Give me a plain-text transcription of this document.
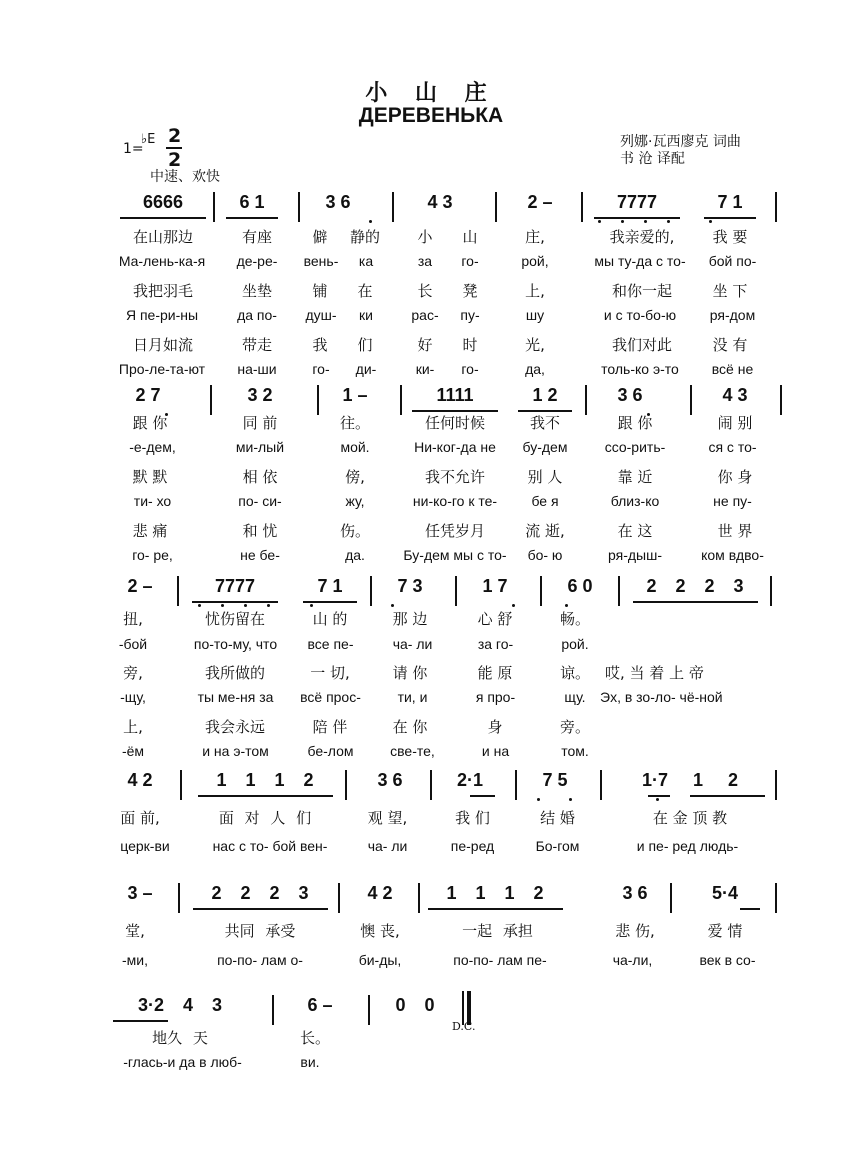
小 山 庄
ДЕРЕВЕНЬКА
1=
♭E 2
2
中速、欢快
列娜·瓦西廖克 词曲
书 沧 译配
6666	6 1	3 6	4 3	2 –	7777	7 1
在山那边	有座	僻	静的	小	山	庄,	我亲爱的,	我 要
Ма-лень-ка-я	де-ре-	вень-	ка	за	го-	рой,	мы ту-да с то-	бой по-
我把羽毛	坐垫	铺	在	长	凳	上,	和你一起	坐 下
Я пе-ри-ны	да по-	душ-	ки	рас-	пу-	шу	и с то-бо-ю	ря-дом
日月如流	带走	我	们	好	时	光,	我们对此	没 有
Про-ле-та-ют	на-ши	го-	ди-	ки-	го-	да,	толь-ко э-то	всё не
2 7	3 2	1 –	1111	1 2	3 6	4 3
跟 你	同 前	往。	任何时候	我不	跟 你	闹 别
-е-дем,	ми-лый	мой.	Ни-ког-да не	бу-дем	ссо-рить-	ся с то-
默 默	相 依	傍,	我不允许	别 人	靠 近	你 身
ти- хо	по- си-	жу,	ни-ко-го к те-	бе я	близ-ко	не пу-
悲 痛	和 忧	伤。	任凭岁月	流 逝,	在 这	世 界
го- ре,	не бе-	да.	Бу-дем мы с то-	бо- ю	ря-дыш-	ком вдво-
2 –	7777	7 1	7 3	1 7	6 0	2 2 2 3
扭,	忧伤留在	山 的	那 边	心 舒	畅。
-бой	по-то-му, что	все пе-	ча- ли	за го-	рой.
旁,	我所做的	一 切,	请 你	能 原	谅。	哎, 当 着 上 帝
-щу,	ты ме-ня за	всё прос-	ти, и	я про-	щу.	Эх, в зо-ло- чё-ной
上,	我会永远	陪 伴	在 你	身	旁。
-ём	и на э-том	бе-лом	све-те,	и на	том.
4 2	1 1 1 2	3 6	2·1	7 5	1·7 1 2
面 前,	面 对 人 们	观 望,	我 们	结 婚	在 金 顶 教
церк-ви	нас с то- бой вен-	ча- ли	пе-ред	Бо-гом	и пе- ред людь-
3 –	2 2 2 3	4 2	1 1 1 2	3 6	5·4
堂,	共同 承受	懊 丧,	一起 承担	悲 伤,	爱 情
-ми,	по-по- лам о-	би-ды,	по-по- лам пе-	ча-ли,	век в со-
3·2 4 3	6 –	0 0
D.C.
地久 天	长。
-глась-и да в люб-	ви.
